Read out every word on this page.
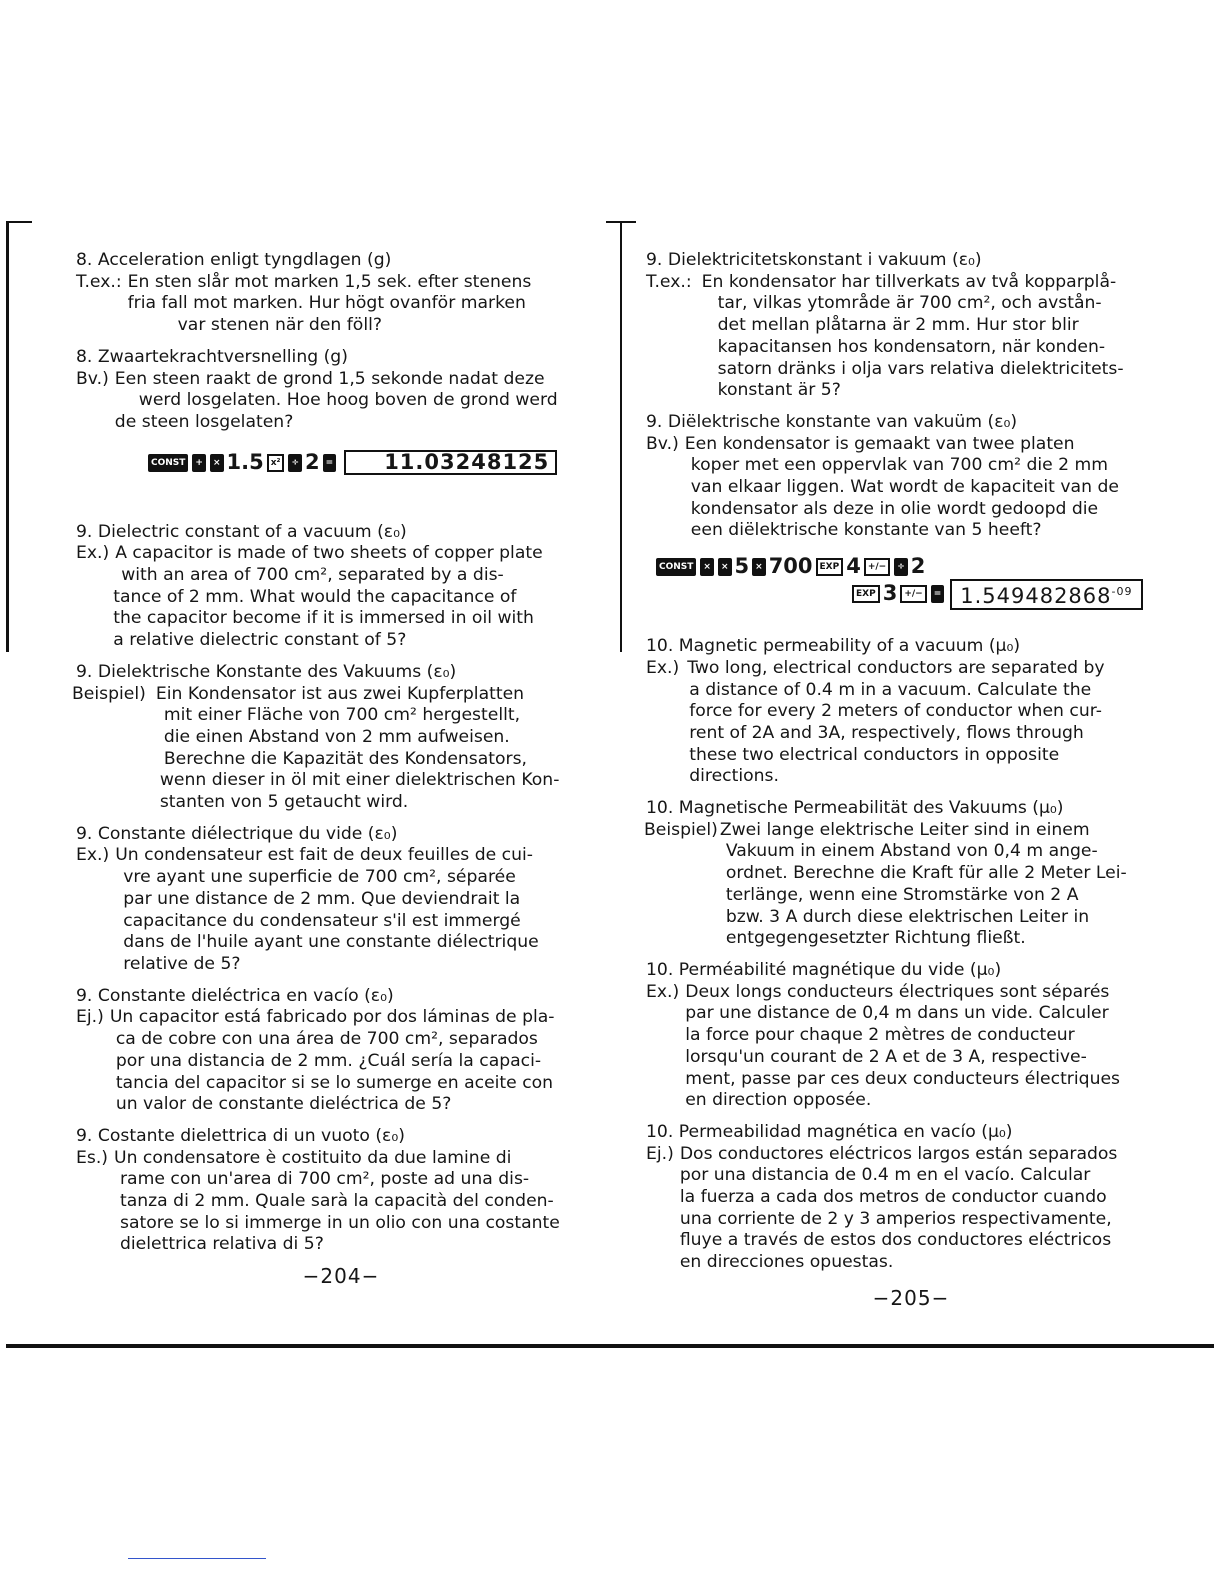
8. Acceleration enligt tyngdlagen (g)
T.ex.: En sten slår mot marken 1,5 sek. efter stenens
fria fall mot marken. Hur högt ovanför marken
var stenen när den föll?
8. Zwaartekrachtversnelling (g)
Bv.) Een steen raakt de grond 1,5 sekonde nadat deze
werd losgelaten. Hoe hoog boven de grond werd
de steen losgelaten?
CONST	+	× 1.5 x²	÷ 2 =	11.03248125
9. Dielectric constant of a vacuum (ε₀)
Ex.) A capacitor is made of two sheets of copper plate
with an area of 700 cm², separated by a dis-
tance of 2 mm. What would the capacitance of
the capacitor become if it is immersed in oil with
a relative dielectric constant of 5?
9. Dielektrische Konstante des Vakuums (ε₀)
Beispiel) Ein Kondensator ist aus zwei Kupferplatten
mit einer Fläche von 700 cm² hergestellt,
die einen Abstand von 2 mm aufweisen.
Berechne die Kapazität des Kondensators,
wenn dieser in öl mit einer dielektrischen Kon-
stanten von 5 getaucht wird.
9. Constante diélectrique du vide (ε₀)
Ex.) Un condensateur est fait de deux feuilles de cui-
vre ayant une superficie de 700 cm², séparée
par une distance de 2 mm. Que deviendrait la
capacitance du condensateur s'il est immergé
dans de l'huile ayant une constante diélectrique
relative de 5?
9. Constante dieléctrica en vacío (ε₀)
Ej.) Un capacitor está fabricado por dos láminas de pla-
ca de cobre con una área de 700 cm², separados
por una distancia de 2 mm. ¿Cuál sería la capaci-
tancia del capacitor si se lo sumerge en aceite con
un valor de constante dieléctrica de 5?
9. Costante dielettrica di un vuoto (ε₀)
Es.) Un condensatore è costituito da due lamine di
rame con un'area di 700 cm², poste ad una dis-
tanza di 2 mm. Quale sarà la capacità del conden-
satore se lo si immerge in un olio con una costante
dielettrica relativa di 5?
−204−
9. Dielektricitetskonstant i vakuum (ε₀)
T.ex.: En kondensator har tillverkats av två kopparplå-
tar, vilkas ytområde är 700 cm², och avstån-
det mellan plåtarna är 2 mm. Hur stor blir
kapacitansen hos kondensatorn, när konden-
satorn dränks i olja vars relativa dielektricitets-
konstant är 5?
9. Diëlektrische konstante van vakuüm (ε₀)
Bv.) Een kondensator is gemaakt van twee platen
koper met een oppervlak van 700 cm² die 2 mm
van elkaar liggen. Wat wordt de kapaciteit van de
kondensator als deze in olie wordt gedoopd die
een diëlektrische konstante van 5 heeft?
CONST	×	× 5 × 700 EXP 4 +/−	÷ 2
EXP 3 +/−	= $1.549482868^{-09}$
10. Magnetic permeability of a vacuum (μ₀)
Ex.) Two long, electrical conductors are separated by
a distance of 0.4 m in a vacuum. Calculate the
force for every 2 meters of conductor when cur-
rent of 2A and 3A, respectively, flows through
these two electrical conductors in opposite
directions.
10. Magnetische Permeabilität des Vakuums (μ₀)
Beispiel) Zwei lange elektrische Leiter sind in einem
Vakuum in einem Abstand von 0,4 m ange-
ordnet. Berechne die Kraft für alle 2 Meter Lei-
terlänge, wenn eine Stromstärke von 2 A
bzw. 3 A durch diese elektrischen Leiter in
entgegengesetzter Richtung fließt.
10. Perméabilité magnétique du vide (μ₀)
Ex.) Deux longs conducteurs électriques sont séparés
par une distance de 0,4 m dans un vide. Calculer
la force pour chaque 2 mètres de conducteur
lorsqu'un courant de 2 A et de 3 A, respective-
ment, passe par ces deux conducteurs électriques
en direction opposée.
10. Permeabilidad magnética en vacío (μ₀)
Ej.) Dos conductores eléctricos largos están separados
por una distancia de 0.4 m en el vacío. Calcular
la fuerza a cada dos metros de conductor cuando
una corriente de 2 y 3 amperios respectivamente,
fluye a través de estos dos conductores eléctricos
en direcciones opuestas.
−205−
